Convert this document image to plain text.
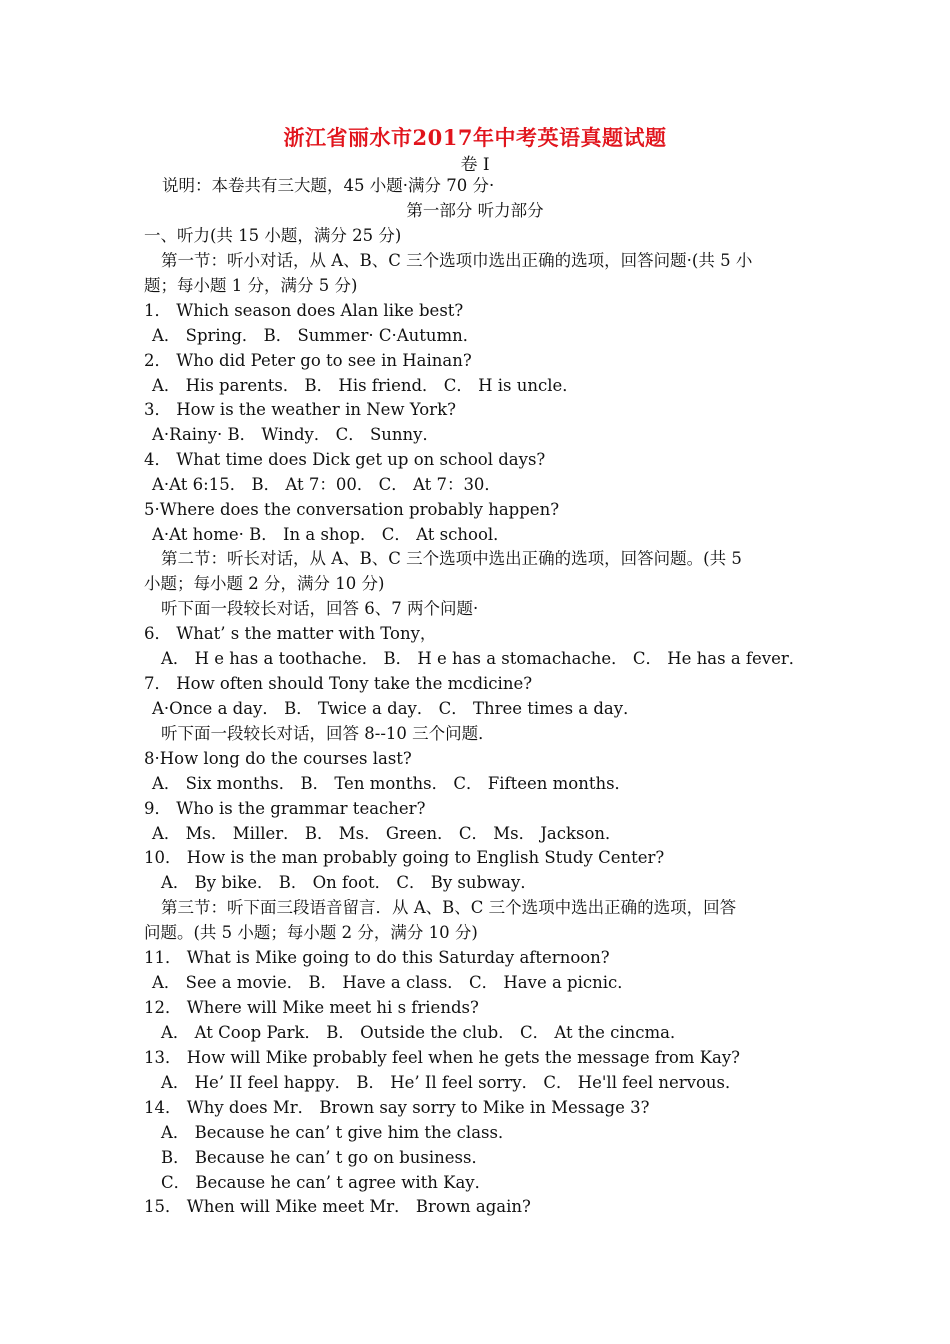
浙江省丽水市2017年中考英语真题试题
卷 I
说明：本卷共有三大题，45 小题·满分 70 分·
第一部分 听力部分
一、听力(共 15 小题，满分 25 分)
第一节：听小对话，从 A、B、C 三个选项巾选出正确的选项，回答问题·(共 5 小
题；每小题 1 分，满分 5 分)
1． Which season does Alan like best?
A． Spring． B． Summer· C·Autumn．
2． Who did Peter go to see in Hainan?
A． His parents． B． His friend． C． H is uncle．
3． How is the weather in New York?
A·Rainy· B． Windy． C． Sunny．
4． What time does Dick get up on school days?
A·At 6:15． B． At 7：00． C． At 7：30．
5·Where does the conversation probably happen?
A·At home· B． In a shop． C． At school．
第二节：听长对话，从 A、B、C 三个选项中选出正确的选项，回答问题。(共 5
小题；每小题 2 分，满分 10 分)
听下面一段较长对话，回答 6、7 两个问题·
6． What’ s the matter with Tony，
A． H e has a toothache． B． H e has a stomachache． C． He has a fever．
7． How often should Tony take the mcdicine?
A·Once a day． B． Twice a day． C． Three times a day．
听下面一段较长对话，回答 8--10 三个问题．
8·How long do the courses last?
A． Six months． B． Ten months． C． Fifteen months．
9． Who is the grammar teacher?
A． Ms． Miller． B． Ms． Green． C． Ms． Jackson．
10． How is the man probably going to English Study Center?
A． By bike． B． On foot． C． By subway．
第三节：听下面三段语音留言．从 A、B、C 三个选项中选出正确的选项，回答
问题。(共 5 小题；每小题 2 分，满分 10 分)
11． What is Mike going to do this Saturday afternoon?
A． See a movie． B． Have a class． C． Have a picnic．
12． Where will Mike meet hi s friends?
A． At Coop Park． B． Outside the club． C． At the cincma．
13． How will Mike probably feel when he gets the message from Kay?
A． He’ II feel happy． B． He’ Il feel sorry． C． He'll feel nervous．
14． Why does Mr． Brown say sorry to Mike in Message 3?
A． Because he can’ t give him the class．
B． Because he can’ t go on business．
C． Because he can’ t agree with Kay．
15． When will Mike meet Mr． Brown again?
